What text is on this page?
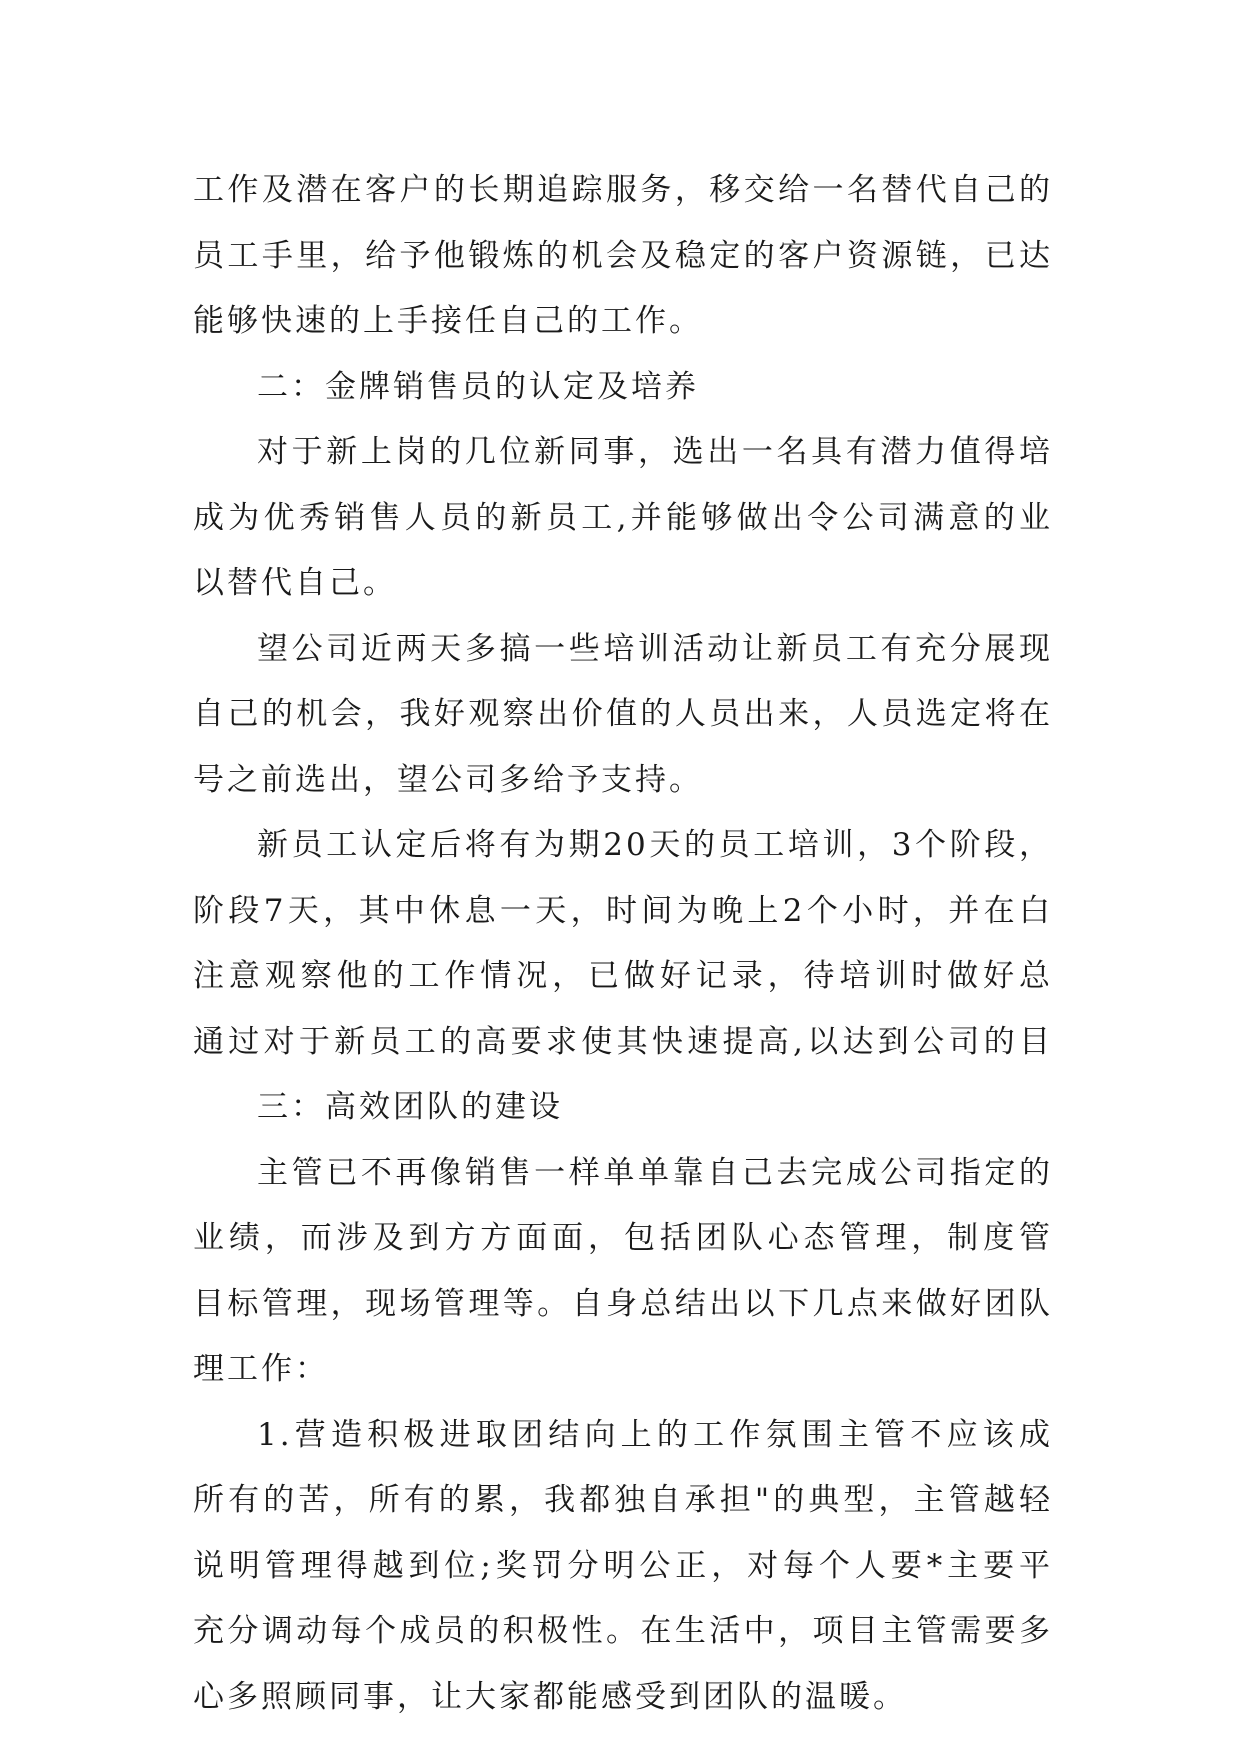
工作及潜在客户的长期追踪服务，移交给一名替代自己的
员工手里，给予他锻炼的机会及稳定的客户资源链，已达
能够快速的上手接任自己的工作。
二：金牌销售员的认定及培养
对于新上岗的几位新同事，选出一名具有潜力值得培
成为优秀销售人员的新员工,并能够做出令公司满意的业
以替代自己。
望公司近两天多搞一些培训活动让新员工有充分展现
自己的机会，我好观察出价值的人员出来，人员选定将在
号之前选出，望公司多给予支持。
新员工认定后将有为期20天的员工培训，3个阶段，
阶段7天，其中休息一天，时间为晚上2个小时，并在白
注意观察他的工作情况，已做好记录，待培训时做好总
通过对于新员工的高要求使其快速提高,以达到公司的目
三：高效团队的建设
主管已不再像销售一样单单靠自己去完成公司指定的
业绩，而涉及到方方面面，包括团队心态管理，制度管
目标管理，现场管理等。自身总结出以下几点来做好团队
理工作：
1.营造积极进取团结向上的工作氛围主管不应该成
所有的苦，所有的累，我都独自承担"的典型，主管越轻
说明管理得越到位;奖罚分明公正，对每个人要*主要平
充分调动每个成员的积极性。在生活中，项目主管需要多
心多照顾同事，让大家都能感受到团队的温暖。
